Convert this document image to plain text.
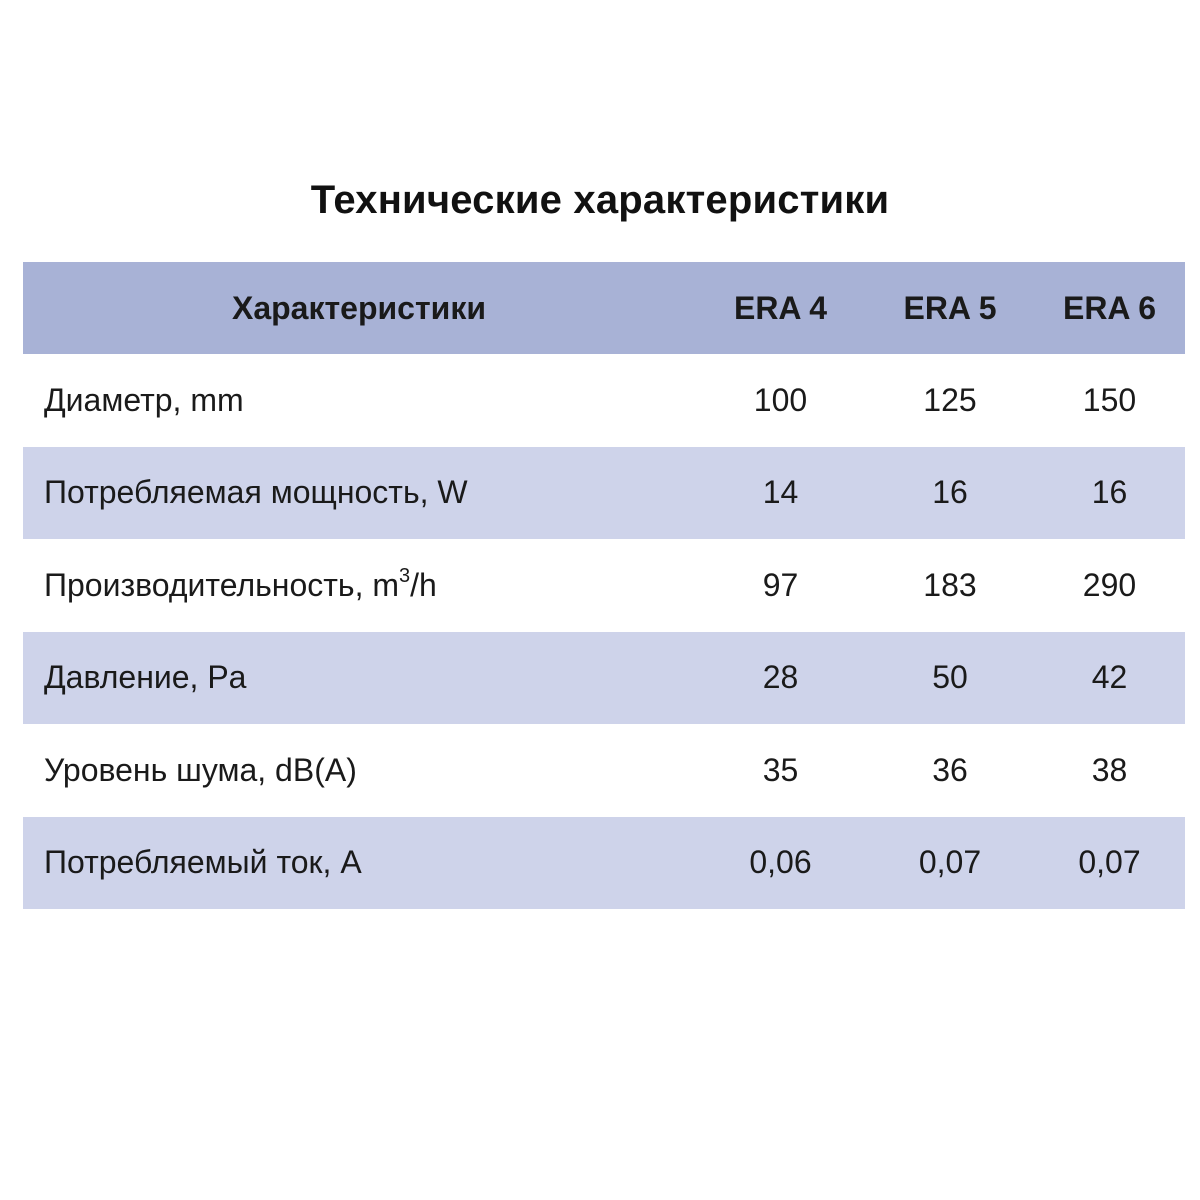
Технические характеристики
Характеристики	ERA 4	ERA 5	ERA 6
Диаметр, mm	100	125	150
Потребляемая мощность, W	14	16	16
Производительность, $m^3/h$	97	183	290
Давление, Pa	28	50	42
Уровень шума, dB(A)	35	36	38
Потребляемый ток, A	0,06	0,07	0,07
